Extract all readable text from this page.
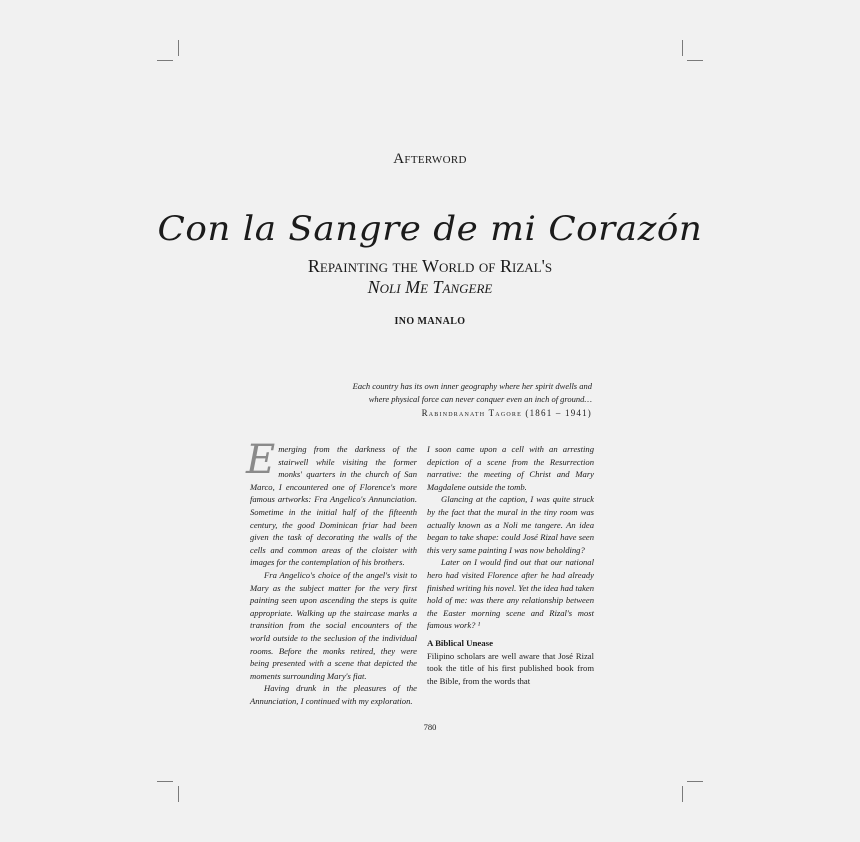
Afterword
Con la Sangre de mi Corazón
Repainting the World of Rizal's
Noli Me Tangere
INO MANALO
Each country has its own inner geography where her spirit dwells and
where physical force can never conquer even an inch of ground…
Rabindranath Tagore (1861 – 1941)

Emerging from the darkness of the stairwell while visiting the former monks' quarters in the church of San Marco, I encountered one of Florence's more famous artworks: Fra Angelico's Annunciation. Sometime in the initial half of the fifteenth century, the good Dominican friar had been given the task of decorating the walls of the cells and common areas of the cloister with images for the contemplation of his brothers.

Fra Angelico's choice of the angel's visit to Mary as the subject matter for the very first painting seen upon ascending the steps is quite appropriate. Walking up the staircase marks a transition from the social encounters of the world outside to the seclusion of the individual rooms. Before the monks retired, they were being presented with a scene that depicted the moments surrounding Mary's fiat.

Having drunk in the pleasures of the Annunciation, I continued with my exploration.

I soon came upon a cell with an arresting depiction of a scene from the Resurrection narrative: the meeting of Christ and Mary Magdalene outside the tomb.

Glancing at the caption, I was quite struck by the fact that the mural in the tiny room was actually known as a Noli me tangere. An idea began to take shape: could José Rizal have seen this very same painting I was now beholding?

Later on I would find out that our national hero had visited Florence after he had already finished writing his novel. Yet the idea had taken hold of me: was there any relationship between the Easter morning scene and Rizal's most famous work? ¹

A Biblical Unease

Filipino scholars are well aware that José Rizal took the title of his first published book from the Bible, from the words that

780
